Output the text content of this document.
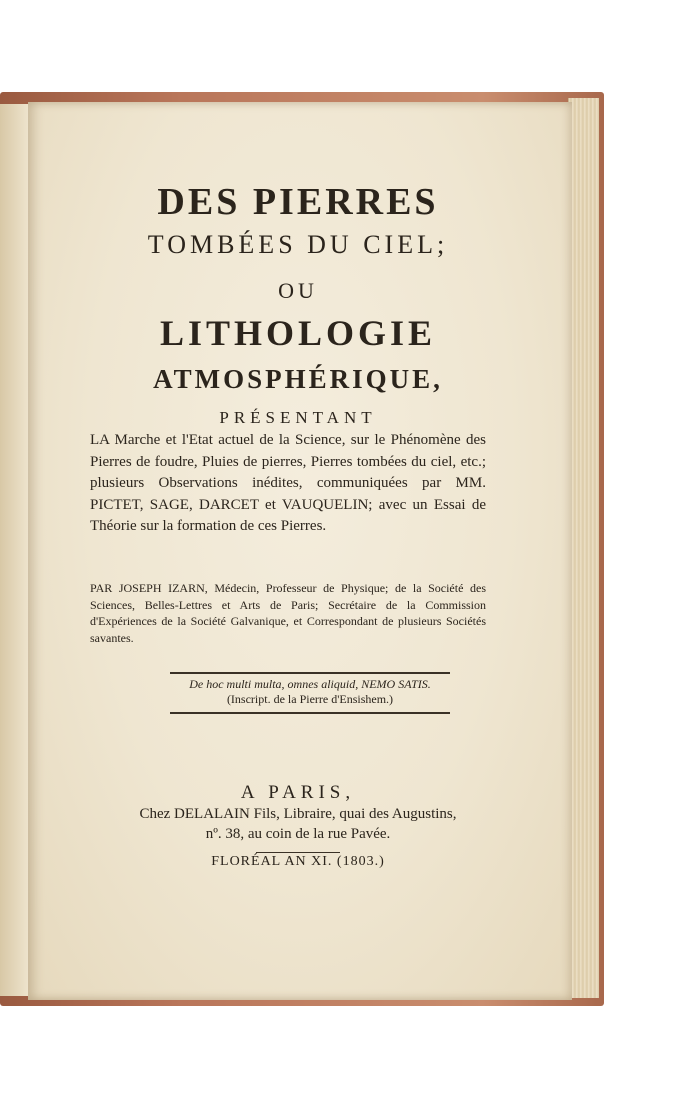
DES PIERRES
TOMBÉES DU CIEL;
OU
LITHOLOGIE
ATMOSPHÉRIQUE,
PRÉSENTANT
LA Marche et l'Etat actuel de la Science, sur le Phénomène des Pierres de foudre, Pluies de pierres, Pierres tombées du ciel, etc.; plusieurs Observations inédites, communiquées par MM. PICTET, SAGE, DARCET et VAUQUELIN; avec un Essai de Théorie sur la formation de ces Pierres.
PAR JOSEPH IZARN, Médecin, Professeur de Physique; de la Société des Sciences, Belles-Lettres et Arts de Paris; Secrétaire de la Commission d'Expériences de la Société Galvanique, et Correspondant de plusieurs Sociétés savantes.
De hoc multi multa, omnes aliquid, NEMO SATIS.
(Inscript. de la Pierre d'Ensishem.)
A PARIS,
Chez DELALAIN Fils, Libraire, quai des Augustins,
nº. 38, au coin de la rue Pavée.
FLORÉAL AN XI. (1803.)
